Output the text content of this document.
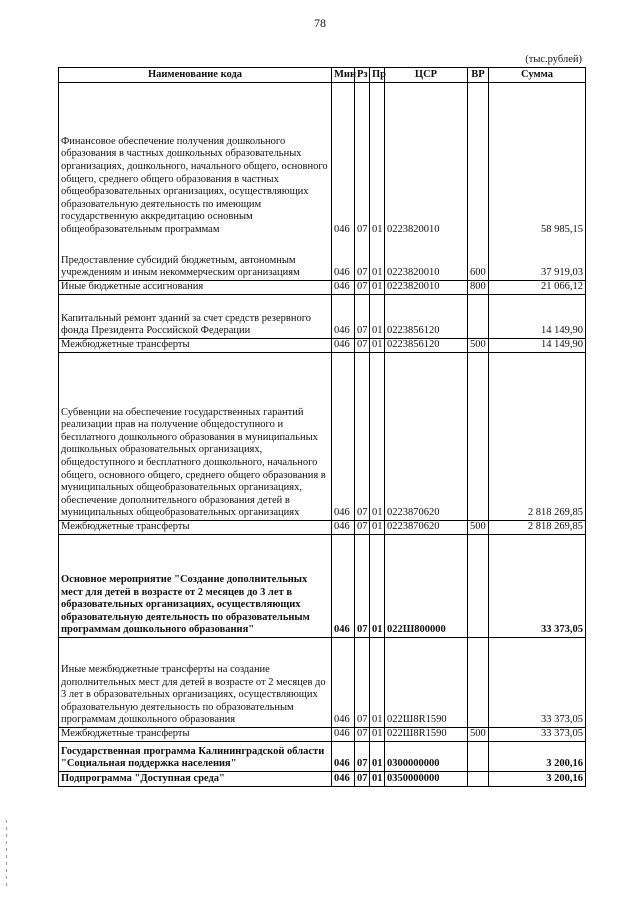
78
(тыс.рублей)
Наименование кода	Мин	Рз	Пр	ЦСР	ВР	Сумма
Финансовое обеспечение получения дошкольного образования в частных дошкольных образовательных организациях, дошкольного, начального общего, основного общего, среднего общего образования в частных общеобразовательных организациях, осуществляющих образовательную деятельность по имеющим государственную аккредитацию основным общеобразовательным программам	046	07	01	0223820010		58 985,15
Предоставление субсидий бюджетным, автономным учреждениям и иным некоммерческим организациям	046	07	01	0223820010	600	37 919,03
Иные бюджетные ассигнования	046	07	01	0223820010	800	21 066,12
Капитальный ремонт зданий за счет средств резервного фонда Президента Российской Федерации	046	07	01	0223856120		14 149,90
Межбюджетные трансферты	046	07	01	0223856120	500	14 149,90
Субвенции на обеспечение государственных гарантий реализации прав на получение общедоступного и бесплатного дошкольного образования в муниципальных дошкольных образовательных организациях, общедоступного и бесплатного дошкольного, начального общего, основного общего, среднего общего образования в муниципальных общеобразовательных организациях, обеспечение дополнительного образования детей в муниципальных общеобразовательных организациях	046	07	01	0223870620		2 818 269,85
Межбюджетные трансферты	046	07	01	0223870620	500	2 818 269,85
Основное мероприятие "Создание дополнительных мест для детей в возрасте от 2 месяцев до 3 лет в образовательных организациях, осуществляющих образовательную деятельность по образовательным программам дошкольного образования"	046	07	01	022Ш800000		33 373,05
Иные межбюджетные трансферты на создание дополнительных мест для детей в возрасте от 2 месяцев до 3 лет в образовательных организациях, осуществляющих образовательную деятельность по образовательным программам дошкольного образования	046	07	01	022Ш8R1590		33 373,05
Межбюджетные трансферты	046	07	01	022Ш8R1590	500	33 373,05
Государственная программа Калининградской области "Социальная поддержка населения"	046	07	01	0300000000		3 200,16
Подпрограмма "Доступная среда"	046	07	01	0350000000		3 200,16
